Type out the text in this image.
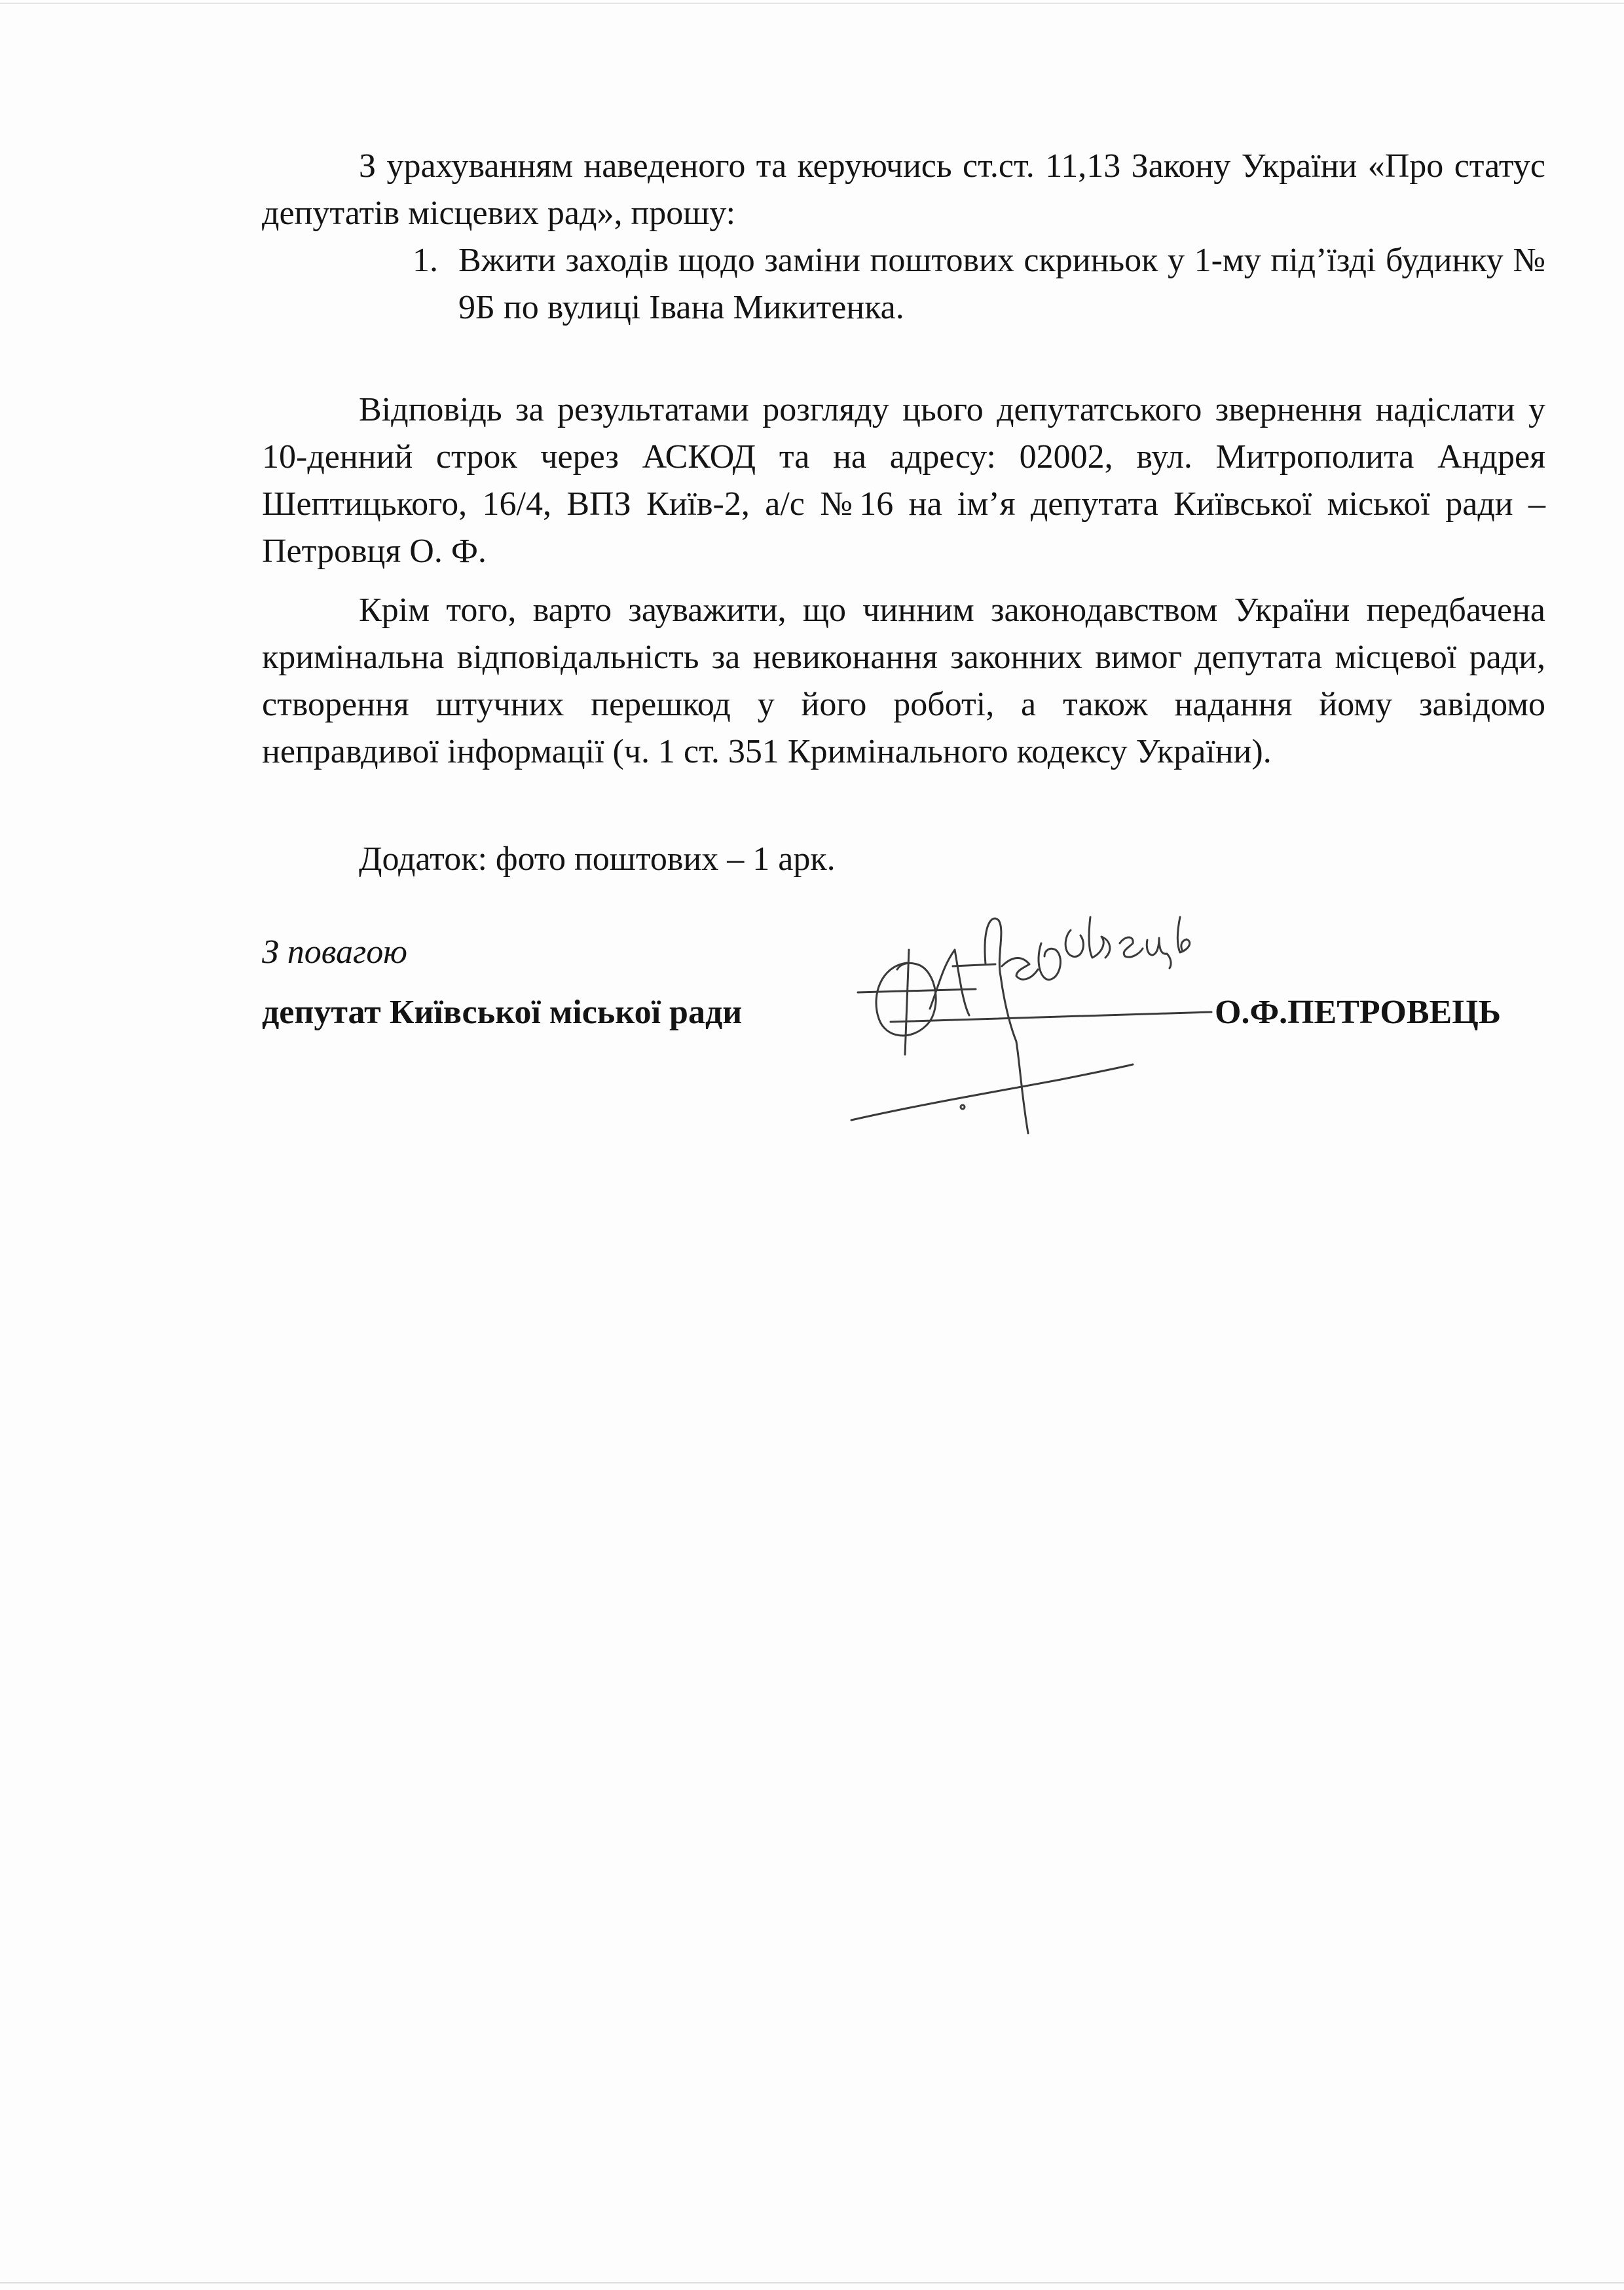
З урахуванням наведеного та керуючись ст.ст. 11,13 Закону України «Про статус депутатів місцевих рад», прошу:

1. Вжити заходів щодо заміни поштових скриньок у 1-му під’їзді будинку № 9Б по вулиці Івана Микитенка.

Відповідь за результатами розгляду цього депутатського звернення надіслати у 10-денний строк через АСКОД та на адресу: 02002, вул. Митрополита Андрея Шептицького, 16/4, ВПЗ Київ-2, а/с №16 на ім’я депутата Київської міської ради – Петровця О. Ф.

Крім того, варто зауважити, що чинним законодавством України передбачена кримінальна відповідальність за невиконання законних вимог депутата місцевої ради, створення штучних перешкод у його роботі, а також надання йому завідомо неправдивої інформації (ч. 1 ст. 351 Кримінального кодексу України).

Додаток: фото поштових – 1 арк.

З повагою

депутат Київської міської ради	О.Ф.ПЕТРОВЕЦЬ
